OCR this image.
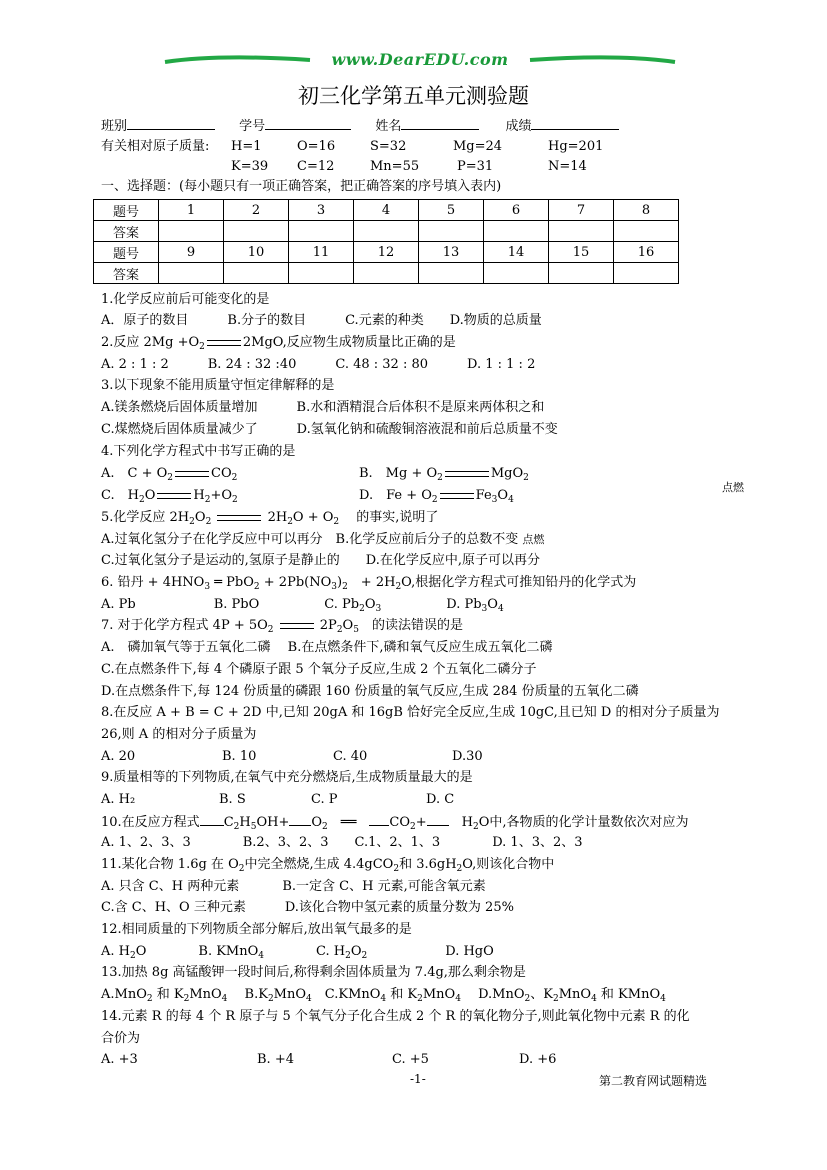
www.DearEDU.com
初三化学第五单元测验题
班别	学号	姓名	成绩
有关相对原子质量: H=1	O=16	S=32	Mg=24	Hg=201
K=39 C=12	Mn=55	P=31	N=14
一、选择题：(每小题只有一项正确答案，把正确答案的序号填入表内)
题号	1	2	3	4	5	6	7	8
答案								
题号	9	10	11	12	13	14	15	16
答案								
1.化学反应前后可能变化的是
A．原子的数目　　　B.分子的数目　　　C.元素的种类　　D.物质的总质量
2.反应 $2Mg +O_2$	2MgO,反应物生成物质量比正确的是
A. 2 : 1 : 2　　　B. 24 : 32 :40　　　C. 48 : 32 : 80　　　D. 1 : 1 : 2
3.以下现象不能用质量守恒定律解释的是
A.镁条燃烧后固体质量增加　　　B.水和酒精混合后体积不是原来两体积之和
C.煤燃烧后固体质量减少了　　　D.氢氧化钠和硫酸铜溶液混和前后总质量不变
4.下列化学方程式中书写正确的是
A.　$C + O_2$	$CO_2$	B.　$Mg + O_2$	MgO$_2$
点燃
C.　$H_2O$	$H_2+O_2$	D.　$Fe + O_2$	$Fe_3O_4$
5.化学反应 $2H_2O_2$	$2H_2O + O_2$　 的事实,说明了
A.过氧化氢分子在化学反应中可以再分　B.化学反应前后分子的总数不变 点燃
C.过氧化氢分子是运动的,氢原子是静止的　　D.在化学反应中,原子可以再分
6. 铅丹 + $4HNO_3$ ═ $PbO_2 + 2Pb(NO_3)_2$　+ $2H_2O$,根据化学方程式可推知铅丹的化学式为
A. Pb　　　　　　B. PbO　　　　　C. $Pb_2O_3$　　　　　D. $Pb_3O_4$
7. 对于化学方程式 $4P + 5O_2$	$2P_2O_5$　 的读法错误的是
A.　磷加氧气等于五氧化二磷　 B.在点燃条件下,磷和氧气反应生成五氧化二磷
C.在点燃条件下,每 4 个磷原子跟 5 个氧分子反应,生成 2 个五氧化二磷分子
D.在点燃条件下,每 124 份质量的磷跟 160 份质量的氧气反应,生成 284 份质量的五氧化二磷
8.在反应 A + B = C + 2D 中,已知 20gA 和 16gB 恰好完全反应,生成 10gC,且已知 D 的相对分子质量为
26,则 A 的相对分子质量为
A. 20	B. 10	C. 40	D.30
9.质量相等的下列物质,在氧气中充分燃烧后,生成物质量最大的是
A. H₂	B. S	C. P	D. C
10.在反应方程式 $C_2H_5OH+ O_2$　══　$CO_2+$　$H_2O$中,各物质的化学计量数依次对应为
A. 1、2、3、3　　　　B.2、3、2、3　　C.1、2、1、3　　　　D. 1、3、2、3
11.某化合物 1.6g 在 $O_2$中完全燃烧,生成 4.4gCO$_2$和 $3.6gH_2O$,则该化合物中
A. 只含 C、H 两种元素　　　 B.一定含 C、H 元素,可能含氧元素
C.含 C、H、O 三种元素　　　D.该化合物中氢元素的质量分数为 25%
12.相同质量的下列物质全部分解后,放出氧气最多的是
A. $H_2O$　　　　B. KMnO$_4$　　　　C. $H_2O_2$　　　　　　D. HgO
13.加热 8g 高锰酸钾一段时间后,称得剩余固体质量为 7.4g,那么剩余物是
A.MnO$_2$ 和 $K_2MnO_4$　 $B.K_2MnO_4$　C.KMnO$_4$ 和 $K_2MnO_4$　 D.MnO$_2$、$K_2MnO_4$ 和 KMnO$_4$
14.元素 R 的每 4 个 R 原子与 5 个氧气分子化合生成 2 个 R 的氧化物分子,则此氧化物中元素 R 的化
合价为
A. +3	B. +4	C. +5	D. +6
-1-	第二教育网试题精选
